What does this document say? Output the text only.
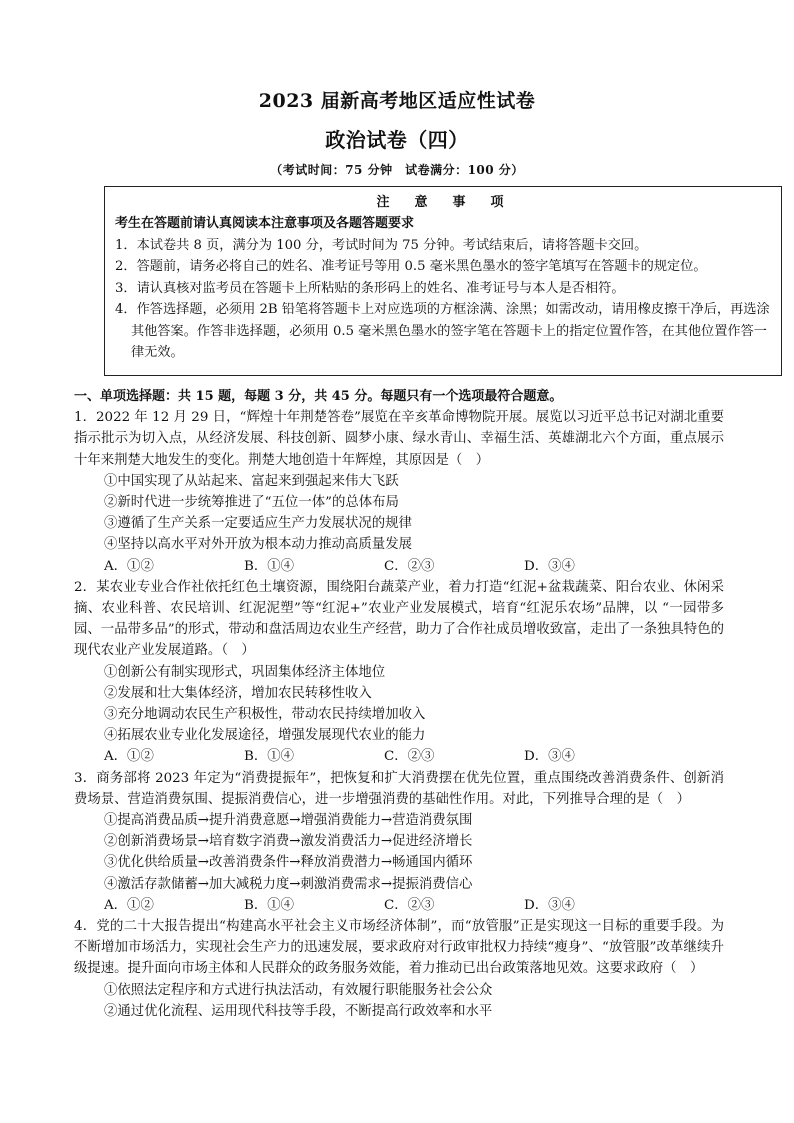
2023 届新高考地区适应性试卷
政治试卷（四）
（考试时间：75 分钟　试卷满分：100 分）
注　意　事　项
考生在答题前请认真阅读本注意事项及各题答题要求
1．本试卷共 8 页，满分为 100 分，考试时间为 75 分钟。考试结束后，请将答题卡交回。
2．答题前，请务必将自己的姓名、准考证号等用 0.5 毫米黑色墨水的签字笔填写在答题卡的规定位。
3．请认真核对监考员在答题卡上所粘贴的条形码上的姓名、准考证号与本人是否相符。
4．作答选择题，必须用 2B 铅笔将答题卡上对应选项的方框涂满、涂黑；如需改动，请用橡皮擦干净后，再选涂其他答案。作答非选择题，必须用 0.5 毫米黑色墨水的签字笔在答题卡上的指定位置作答，在其他位置作答一律无效。
一、单项选择题：共 15 题，每题 3 分，共 45 分。每题只有一个选项最符合题意。

1．2022 年 12 月 29 日，“辉煌十年荆楚答卷”展览在辛亥革命博物院开展。展览以习近平总书记对湖北重要指示批示为切入点，从经济发展、科技创新、圆梦小康、绿水青山、幸福生活、英雄湖北六个方面，重点展示十年来荆楚大地发生的变化。荆楚大地创造十年辉煌，其原因是（　）

①中国实现了从站起来、富起来到强起来伟大飞跃

②新时代进一步统筹推进了“五位一体”的总体布局

③遵循了生产关系一定要适应生产力发展状况的规律

④坚持以高水平对外开放为根本动力推动高质量发展

A．①②	B．①④	C．②③	D．③④

2．某农业专业合作社依托红色土壤资源，围绕阳台蔬菜产业，着力打造“红泥+盆栽蔬菜、阳台农业、休闲采摘、农业科普、农民培训、红泥泥塑”等“红泥+”农业产业发展模式，培育“红泥乐农场”品牌，以 “一园带多园、一品带多品”的形式，带动和盘活周边农业生产经营，助力了合作社成员增收致富，走出了一条独具特色的现代农业产业发展道路。（　）

①创新公有制实现形式，巩固集体经济主体地位

②发展和壮大集体经济，增加农民转移性收入

③充分地调动农民生产积极性，带动农民持续增加收入

④拓展农业专业化发展途径，增强发展现代农业的能力

A．①②	B．①④	C．②③	D．③④

3．商务部将 2023 年定为“消费提振年”，把恢复和扩大消费摆在优先位置，重点围绕改善消费条件、创新消费场景、营造消费氛围、提振消费信心，进一步增强消费的基础性作用。对此，下列推导合理的是（　）

①提高消费品质→提升消费意愿→增强消费能力→营造消费氛围

②创新消费场景→培育数字消费→激发消费活力→促进经济增长

③优化供给质量→改善消费条件→释放消费潜力→畅通国内循环

④激活存款储蓄→加大减税力度→刺激消费需求→提振消费信心

A．①②	B．①④	C．②③	D．③④

4．党的二十大报告提出“构建高水平社会主义市场经济体制”，而“放管服”正是实现这一目标的重要手段。为不断增加市场活力，实现社会生产力的迅速发展，要求政府对行政审批权力持续“瘦身”、“放管服”改革继续升级提速。提升面向市场主体和人民群众的政务服务效能，着力推动已出台政策落地见效。这要求政府（　）

①依照法定程序和方式进行执法活动，有效履行职能服务社会公众

②通过优化流程、运用现代科技等手段，不断提高行政效率和水平
